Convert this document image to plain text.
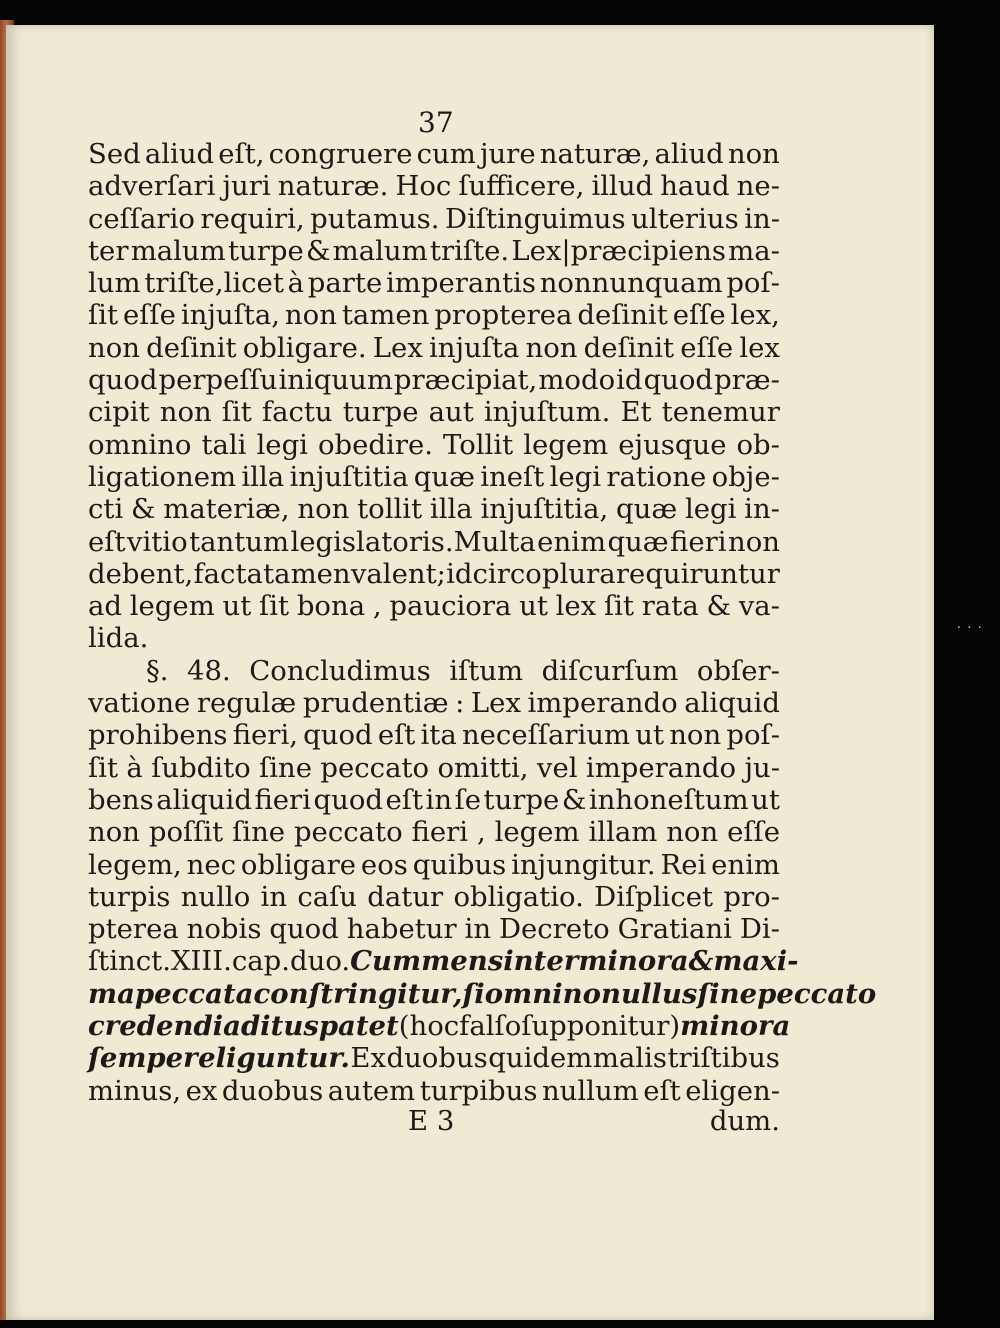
37
Sed aliud eſt, congruere cum jure naturæ, aliud non
adverſari juri naturæ. Hoc ſufficere, illud haud ne-
ceſſario requiri, putamus. Diſtinguimus ulterius in-
ter malum turpe & malum triſte. Lex|præcipiens ma-
lum triſte,licet à parte imperantis nonnunquam poſ-
ſit eſſe injuſta, non tamen propterea deſinit eſſe lex,
non deſinit obligare. Lex injuſta non deſinit eſſe lex
quod perpeſſu iniquum præcipiat, modo id quod præ-
cipit non ſit factu turpe aut injuſtum. Et tenemur
omnino tali legi obedire. Tollit legem ejusque ob-
ligationem illa injuſtitia quæ ineſt legi ratione obje-
cti & materiæ, non tollit illa injuſtitia, quæ legi in-
eſt vitio tantum legislatoris.Multa enim quæ fieri non
debent, facta tamen valent; idcirco plura requiruntur
ad legem ut ſit bona , pauciora ut lex ſit rata & va-
lida.
§. 48. Concludimus iſtum diſcurſum obſer-
vatione regulæ prudentiæ : Lex imperando aliquid
prohibens fieri, quod eſt ita neceſſarium ut non poſ-
ſit à ſubdito ſine peccato omitti, vel imperando ju-
bens aliquid fieri quod eſt in ſe turpe & inhoneſtum ut
non poſſit ſine peccato fieri , legem illam non eſſe
legem, nec obligare eos quibus injungitur. Rei enim
turpis nullo in caſu datur obligatio. Diſplicet pro-
pterea nobis quod habetur in Decreto Gratiani Di-
ſtinct. XIII. cap. duo. Cum mens inter minora & maxi-
ma peccata conſtringitur, ſi omnino nullus ſine peccato
credendi aditus patet ( hoc falſo ſupponitur ) minora
ſemper eliguntur. Ex duobus quidem malis triſtibus
minus, ex duobus autem turpibus nullum eſt eligen-
E 3	dum.
···
